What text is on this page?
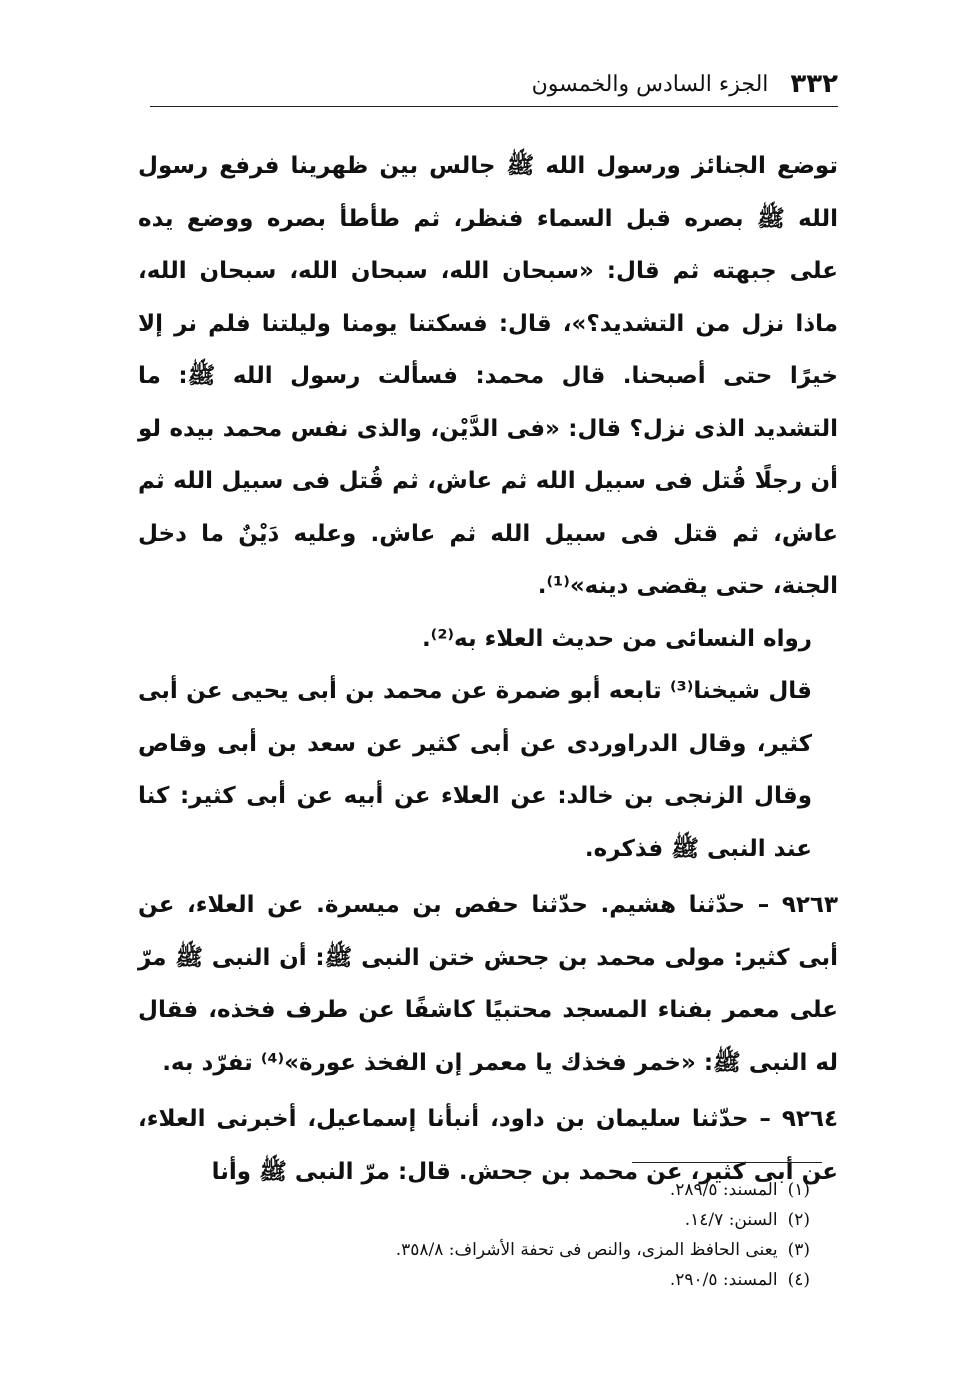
٣٣٢
الجزء السادس والخمسون

توضع الجنائز ورسول الله ﷺ جالس بين ظهرينا فرفع رسول الله ﷺ بصره قبل السماء فنظر، ثم طأطأ بصره ووضع يده على جبهته ثم قال: «سبحان الله، سبحان الله، سبحان الله، ماذا نزل من التشديد؟»، قال: فسكتنا يومنا وليلتنا فلم نر إلا خيرًا حتى أصبحنا. قال محمد: فسألت رسول الله ﷺ: ما التشديد الذى نزل؟ قال: «فى الدَّيْن، والذى نفس محمد بيده لو أن رجلًا قُتل فى سبيل الله ثم عاش، ثم قُتل فى سبيل الله ثم عاش، ثم قتل فى سبيل الله ثم عاش. وعليه دَيْنٌ ما دخل الجنة، حتى يقضى دينه»⁽¹⁾.

رواه النسائى من حديث العلاء به⁽²⁾.

قال شيخنا⁽³⁾ تابعه أبو ضمرة عن محمد بن أبى يحيى عن أبى كثير، وقال الدراوردى عن أبى كثير عن سعد بن أبى وقاص وقال الزنجى بن خالد: عن العلاء عن أبيه عن أبى كثير: كنا عند النبى ﷺ فذكره.

٩٢٦٣ – حدّثنا هشيم. حدّثنا حفص بن ميسرة. عن العلاء، عن أبى كثير: مولى محمد بن جحش ختن النبى ﷺ: أن النبى ﷺ مرّ على معمر بفناء المسجد محتبيًا كاشفًا عن طرف فخذه، فقال له النبى ﷺ: «خمر فخذك يا معمر إن الفخذ عورة»⁽⁴⁾ تفرّد به.

٩٢٦٤ – حدّثنا سليمان بن داود، أنبأنا إسماعيل، أخبرنى العلاء، عن أبى كثير، عن محمد بن جحش. قال: مرّ النبى ﷺ وأنا

(١)المسند: ٢٨٩/٥.
(٢)السنن: ١٤/٧.
(٣)يعنى الحافظ المزى، والنص فى تحفة الأشراف: ٣٥٨/٨.
(٤)المسند: ٢٩٠/٥.
